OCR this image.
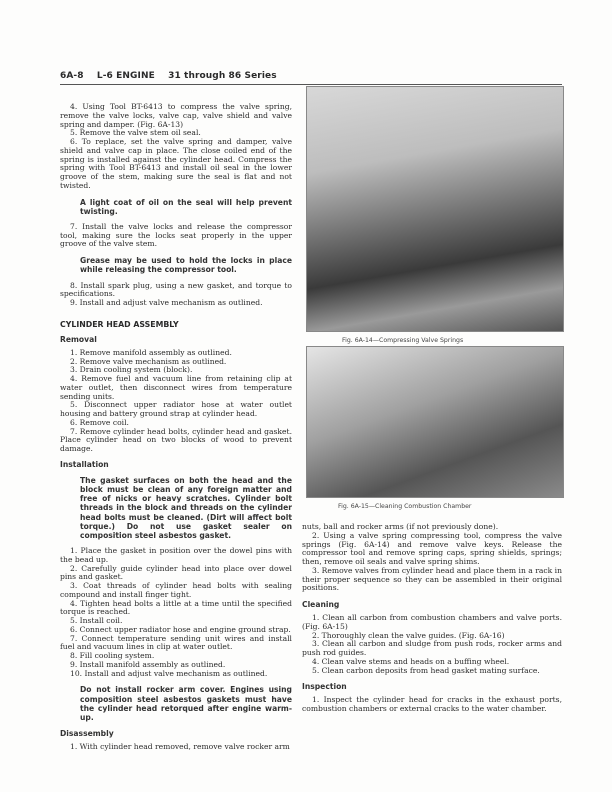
6A-8 L-6 ENGINE 31 through 86 Series

4. Using Tool BT-6413 to compress the valve spring, remove the valve locks, valve cap, valve shield and valve spring and damper. (Fig. 6A-13)

5. Remove the valve stem oil seal.

6. To replace, set the valve spring and damper, valve shield and valve cap in place. The close coiled end of the spring is installed against the cylinder head. Compress the spring with Tool BT-6413 and install oil seal in the lower groove of the stem, making sure the seal is flat and not twisted.

A light coat of oil on the seal will help prevent twisting.

7. Install the valve locks and release the compressor tool, making sure the locks seat properly in the upper groove of the valve stem.

Grease may be used to hold the locks in place while releasing the compressor tool.

8. Install spark plug, using a new gasket, and torque to specifications.

9. Install and adjust valve mechanism as outlined.

CYLINDER HEAD ASSEMBLY
Removal

1. Remove manifold assembly as outlined.

2. Remove valve mechanism as outlined.

3. Drain cooling system (block).

4. Remove fuel and vacuum line from retaining clip at water outlet, then disconnect wires from temperature sending units.

5. Disconnect upper radiator hose at water outlet housing and battery ground strap at cylinder head.

6. Remove coil.

7. Remove cylinder head bolts, cylinder head and gasket. Place cylinder head on two blocks of wood to prevent damage.

Installation

The gasket surfaces on both the head and the block must be clean of any foreign matter and free of nicks or heavy scratches. Cylinder bolt threads in the block and threads on the cylinder head bolts must be cleaned. (Dirt will affect bolt torque.) Do not use gasket sealer on composition steel asbestos gasket.

1. Place the gasket in position over the dowel pins with the bead up.

2. Carefully guide cylinder head into place over dowel pins and gasket.

3. Coat threads of cylinder head bolts with sealing compound and install finger tight.

4. Tighten head bolts a little at a time until the specified torque is reached.

5. Install coil.

6. Connect upper radiator hose and engine ground strap.

7. Connect temperature sending unit wires and install fuel and vacuum lines in clip at water outlet.

8. Fill cooling system.

9. Install manifold assembly as outlined.

10. Install and adjust valve mechanism as outlined.

Do not install rocker arm cover. Engines using composition steel asbestos gaskets must have the cylinder head retorqued after engine warm-up.

Disassembly

1. With cylinder head removed, remove valve rocker arm

Fig. 6A-14—Compressing Valve Springs
Fig. 6A-15—Cleaning Combustion Chamber

nuts, ball and rocker arms (if not previously done).

2. Using a valve spring compressing tool, compress the valve springs (Fig. 6A-14) and remove valve keys. Release the compressor tool and remove spring caps, spring shields, springs; then, remove oil seals and valve spring shims.

3. Remove valves from cylinder head and place them in a rack in their proper sequence so they can be assembled in their original positions.

Cleaning

1. Clean all carbon from combustion chambers and valve ports. (Fig. 6A-15)

2. Thoroughly clean the valve guides. (Fig. 6A-16)

3. Clean all carbon and sludge from push rods, rocker arms and push rod guides.

4. Clean valve stems and heads on a buffing wheel.

5. Clean carbon deposits from head gasket mating surface.

Inspection

1. Inspect the cylinder head for cracks in the exhaust ports, combustion chambers or external cracks to the water chamber.
